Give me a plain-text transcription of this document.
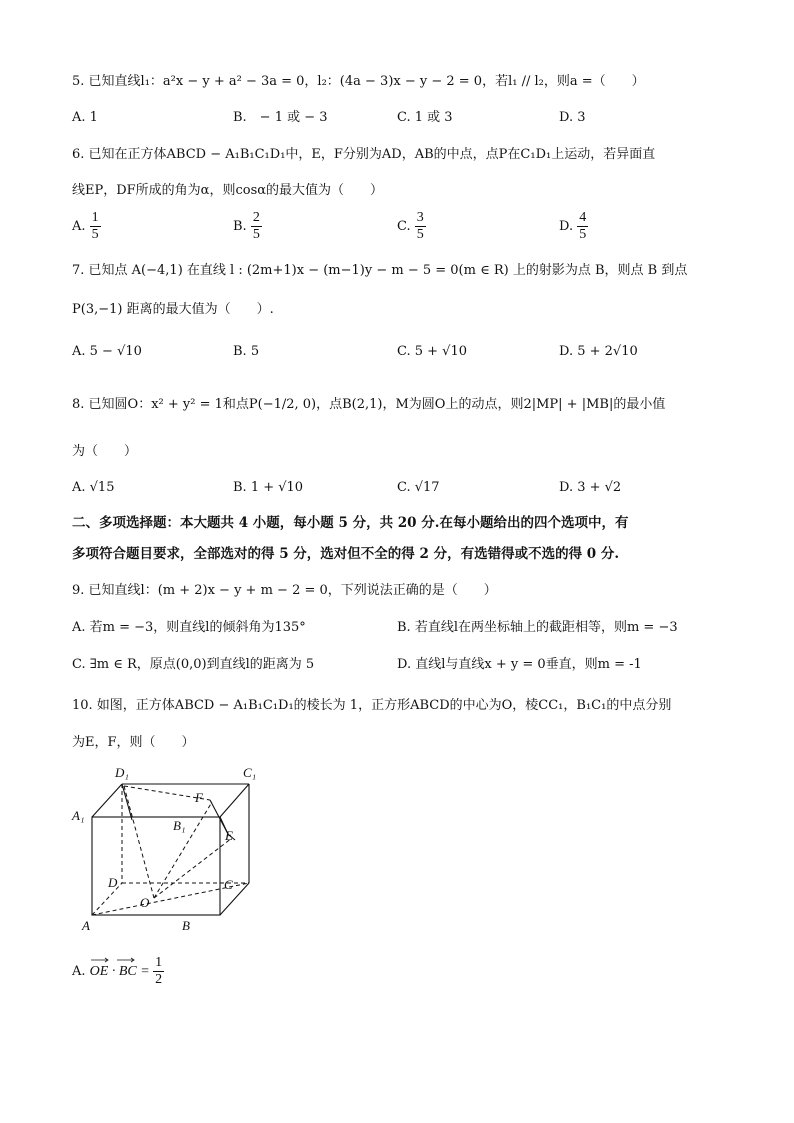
5. 已知直线l₁：a²x − y + a² − 3a = 0，l₂：(4a − 3)x − y − 2 = 0，若l₁ // l₂，则a =（　　）
A. 1	B.　− 1 或 − 3	C. 1 或 3	D. 3
6. 已知在正方体ABCD − A₁B₁C₁D₁中，E，F分别为AD，AB的中点，点P在C₁D₁上运动，若异面直
线EP，DF所成的角为α，则cosα的最大值为（　　）
A. $\frac{1}{5}$	B. $\frac{2}{5}$	C. $\frac{3}{5}$	D. $\frac{4}{5}$
7. 已知点 A(−4,1) 在直线 l : (2m+1)x − (m−1)y − m − 5 = 0(m ∈ R) 上的射影为点 B，则点 B 到点
P(3,−1) 距离的最大值为（　　）.
A. 5 − √10	B. 5	C. 5 + √10	D. 5 + 2√10
8. 已知圆O：x² + y² = 1和点P(−1/2, 0)，点B(2,1)，M为圆O上的动点，则2|MP| + |MB|的最小值
为（　　）
A. √15	B. 1 + √10	C. √17	D. 3 + √2
二、多项选择题：本大题共 4 小题，每小题 5 分，共 20 分.在每小题给出的四个选项中，有
多项符合题目要求，全部选对的得 5 分，选对但不全的得 2 分，有选错得或不选的得 0 分.
9. 已知直线l：(m + 2)x − y + m − 2 = 0，下列说法正确的是（　　）
A. 若m = −3，则直线l的倾斜角为135°	B. 若直线l在两坐标轴上的截距相等，则m = −3
C. ∃m ∈ R，原点(0,0)到直线l的距离为 5	D. 直线l与直线x + y = 0垂直，则m = -1
10. 如图，正方体ABCD − A₁B₁C₁D₁的棱长为 1，正方形ABCD的中心为O，棱CC₁，B₁C₁的中点分别
为E，F，则（　　）
D₁	C₁
A₁
F
B₁
E
D	C
O
A	B
A. OE · BC =
$\frac{1}{2}$
